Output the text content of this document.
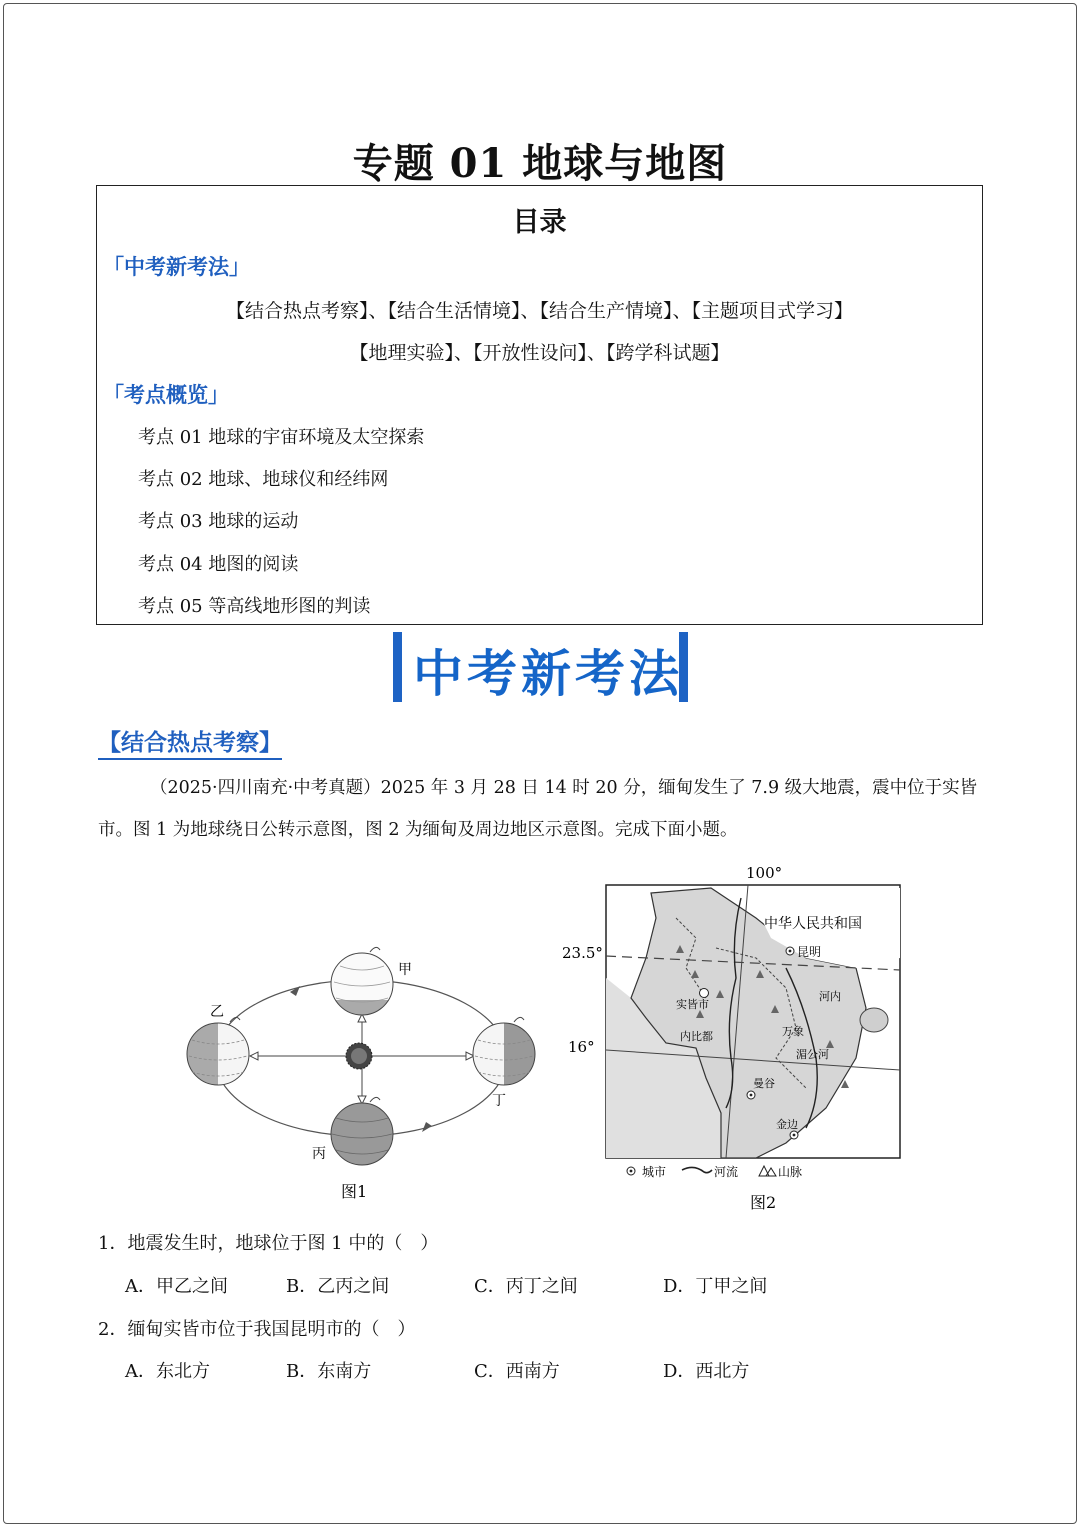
专题 01 地球与地图
目录
「中考新考法」
【结合热点考察】、【结合生活情境】、【结合生产情境】、【主题项目式学习】
【地理实验】、【开放性设问】、【跨学科试题】
「考点概览」
考点 01 地球的宇宙环境及太空探索
考点 02 地球、地球仪和经纬网
考点 03 地球的运动
考点 04 地图的阅读
考点 05 等高线地形图的判读
中考新考法
【结合热点考察】
（2025·四川南充·中考真题）2025 年 3 月 28 日 14 时 20 分，缅甸发生了 7.9 级大地震，震中位于实皆
市。图 1 为地球绕日公转示意图，图 2 为缅甸及周边地区示意图。完成下面小题。
甲
乙
丙
丁
图1
100°
中华人民共和国
23.5°
16°
昆明
实皆市
内比都
曼谷
金边
万象
河内
湄公河
城市	河流	山脉
图2
1．地震发生时，地球位于图 1 中的（　）
A．甲乙之间	B．乙丙之间	C．丙丁之间	D．丁甲之间
2．缅甸实皆市位于我国昆明市的（　）
A．东北方	B．东南方	C．西南方	D．西北方
